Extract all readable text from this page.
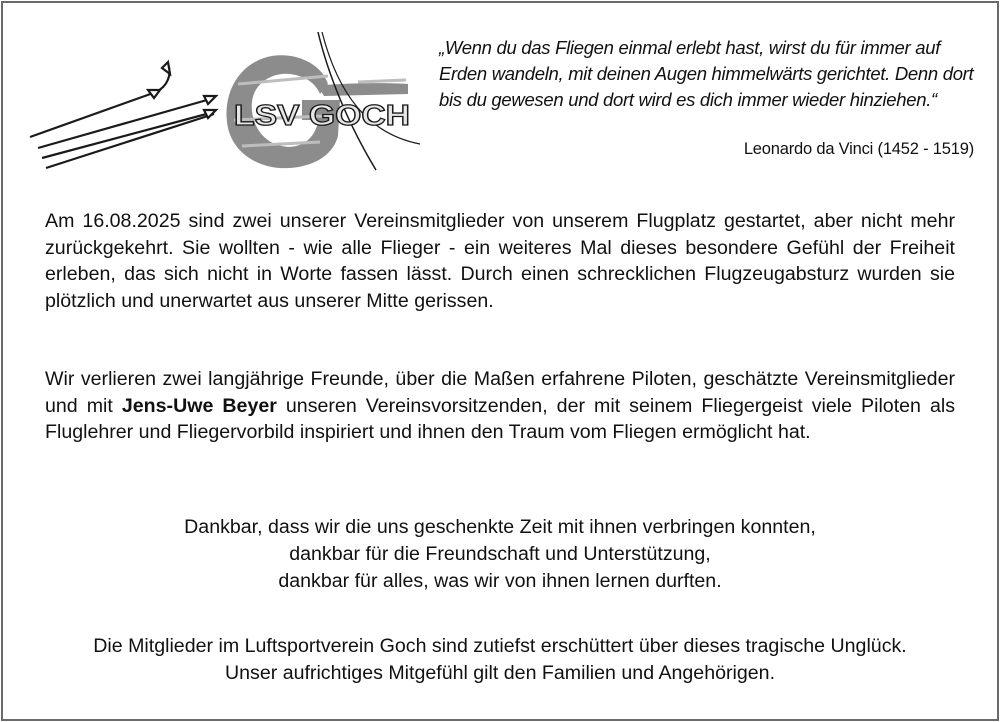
LSV GOCH
„Wenn du das Fliegen einmal erlebt hast, wirst du für immer auf Erden wandeln, mit deinen Augen himmelwärts gerichtet. Denn dort bis du gewesen und dort wird es dich immer wieder hinziehen.“
Leonardo da Vinci (1452 - 1519)

Am 16.08.2025 sind zwei unserer Vereinsmitglieder von unserem Flugplatz gestartet, aber nicht mehr zurückgekehrt. Sie wollten - wie alle Flieger - ein weiteres Mal dieses besondere Gefühl der Freiheit erleben, das sich nicht in Worte fassen lässt. Durch einen schrecklichen Flugzeugabsturz wurden sie plötzlich und unerwartet aus unserer Mitte gerissen.

Wir verlieren zwei langjährige Freunde, über die Maßen erfahrene Piloten, geschätzte Vereinsmitglieder und mit Jens-Uwe Beyer unseren Vereinsvorsitzenden, der mit seinem Fliegergeist viele Piloten als Fluglehrer und Fliegervorbild inspiriert und ihnen den Traum vom Fliegen ermöglicht hat.

Dankbar, dass wir die uns geschenkte Zeit mit ihnen verbringen konnten,
dankbar für die Freundschaft und Unterstützung,
dankbar für alles, was wir von ihnen lernen durften.
Die Mitglieder im Luftsportverein Goch sind zutiefst erschüttert über dieses tragische Unglück.
Unser aufrichtiges Mitgefühl gilt den Familien und Angehörigen.
